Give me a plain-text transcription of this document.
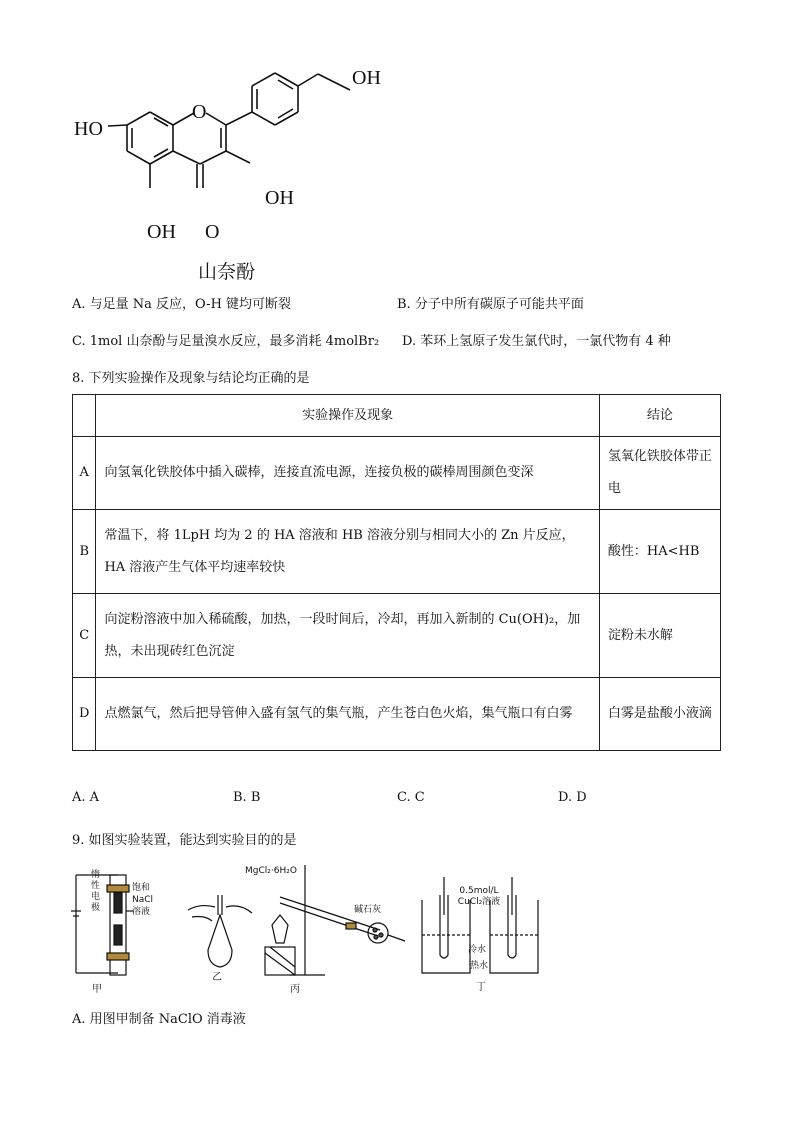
OH
HO
O
OH
OH O
山奈酚
A. 与足量 Na 反应，O-H 键均可断裂	B. 分子中所有碳原子可能共平面
C. 1mol 山奈酚与足量溴水反应，最多消耗 4molBr₂ D. 苯环上氢原子发生氯代时，一氯代物有 4 种
8. 下列实验操作及现象与结论均正确的是
	实验操作及现象	结论
A	向氢氧化铁胶体中插入碳棒，连接直流电源，连接负极的碳棒周围颜色变深	氢氧化铁胶体带正电
B	常温下，将 1LpH 均为 2 的 HA 溶液和 HB 溶液分别与相同大小的 Zn 片反应，HA 溶液产生气体平均速率较快	酸性：HA<HB
C	向淀粉溶液中加入稀硫酸，加热，一段时间后，冷却，再加入新制的 Cu(OH)₂，加热，未出现砖红色沉淀	淀粉未水解
D	点燃氯气，然后把导管伸入盛有氢气的集气瓶，产生苍白色火焰，集气瓶口有白雾	白雾是盐酸小液滴
A. A	B. B	C. C	D. D
9. 如图实验装置，能达到实验目的的是
惰性电极
饱和NaCl溶液
甲
乙
MgCl₂·6H₂O
碱石灰
丙
0.5mol/L CuCl₂溶液
冷水
热水
丁
A. 用图甲制备 NaClO 消毒液
